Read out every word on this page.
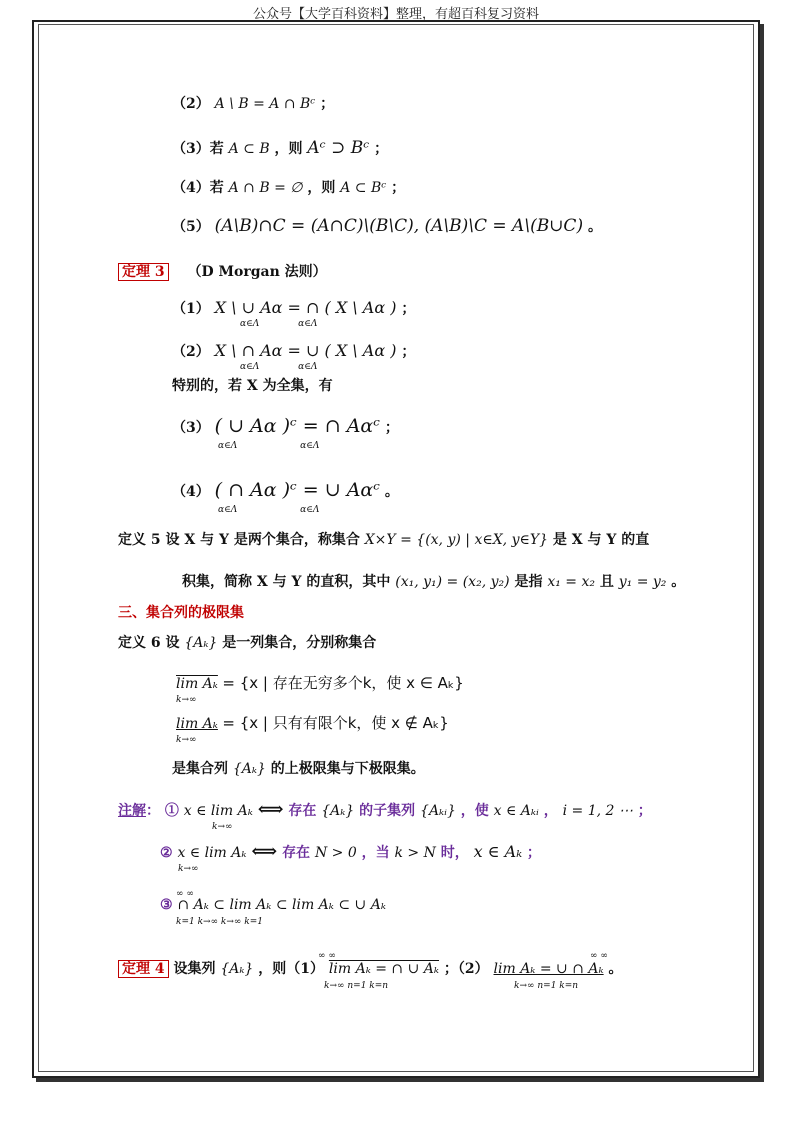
公众号【大学百科资料】整理，有超百科复习资料
（2） A \ B = A ∩ Bᶜ ；
（3）若 A ⊂ B ，则 Aᶜ ⊃ Bᶜ ；
（4）若 A ∩ B = ∅ ，则 A ⊂ Bᶜ ；
（5） (A\B)∩C = (A∩C)\(B\C), (A\B)\C = A\(B∪C) 。
定理 3 （D Morgan 法则）
（1） X \ ∪ Aα = ∩ ( X \ Aα ) ；
α∈Λ	α∈Λ
（2） X \ ∩ Aα = ∪ ( X \ Aα ) ；
α∈Λ	α∈Λ
特别的，若 X 为全集，有
（3） ( ∪ Aα )ᶜ = ∩ Aαᶜ ；
α∈Λ	α∈Λ
（4） ( ∩ Aα )ᶜ = ∪ Aαᶜ 。
α∈Λ	α∈Λ
定义 5 设 X 与 Y 是两个集合，称集合 X×Y = {(x, y) | x∈X, y∈Y} 是 X 与 Y 的直
积集，简称 X 与 Y 的直积，其中 (x₁, y₁) = (x₂, y₂) 是指 x₁ = x₂ 且 y₁ = y₂ 。
三、集合列的极限集
定义 6 设 {Aₖ} 是一列集合，分别称集合
lim Aₖ = {x | 存在无穷多个k，使 x ∈ Aₖ}
k→∞
lim Aₖ = {x | 只有有限个k，使 x ∉ Aₖ}
k→∞
是集合列 {Aₖ} 的上极限集与下极限集。
注解： ① x ∈ lim Aₖ ⟺ 存在 {Aₖ} 的子集列 {Aₖᵢ} ，使 x ∈ Aₖᵢ ， i = 1, 2 ⋯ ；
k→∞
② x ∈ lim Aₖ ⟺ 存在 N > 0 ，当 k > N 时， x ∈ Aₖ ；
k→∞
∞ ∞
③ ∩ Aₖ ⊂ lim Aₖ ⊂ lim Aₖ ⊂ ∪ Aₖ
k=1 k→∞ k→∞ k=1
∞ ∞	∞ ∞
定理 4 设集列 {Aₖ} ，则（1） lim Aₖ = ∩ ∪ Aₖ ；（2） lim Aₖ = ∪ ∩ Aₖ 。
k→∞ n=1 k=n	k→∞ n=1 k=n
